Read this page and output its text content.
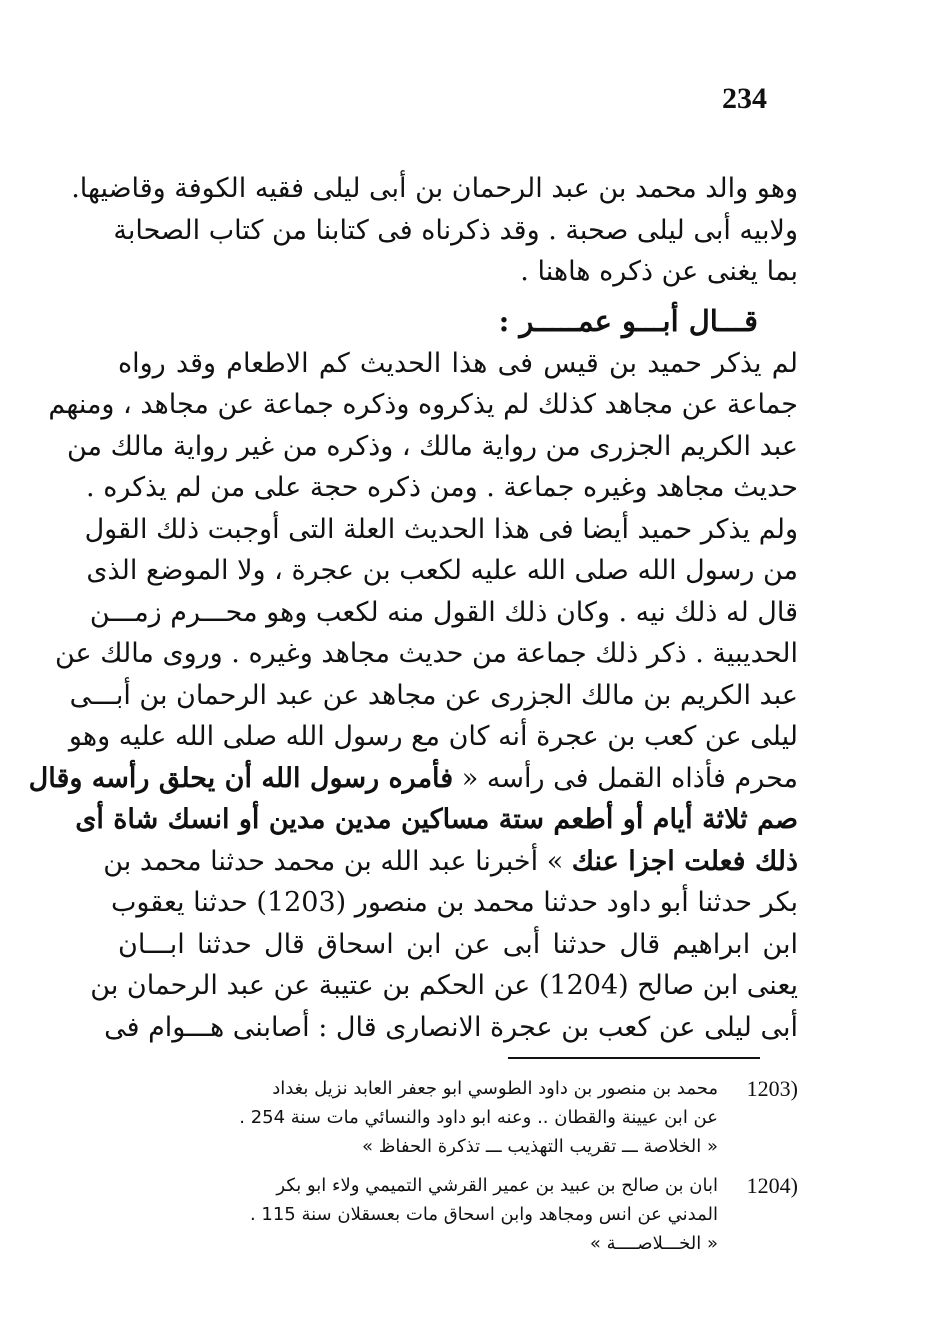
234
وهو والد محمد بن عبد الرحمان بن أبى ليلى فقيه الكوفة وقاضيها.
ولابيه أبى ليلى صحبة . وقد ذكرناه فى كتابنا من كتاب الصحابة
بما يغنى عن ذكره هاهنا .
قـــال أبـــو عمـــــر :
لم يذكر حميد بن قيس فى هذا الحديث كم الاطعام وقد رواه
جماعة عن مجاهد كذلك لم يذكروه وذكره جماعة عن مجاهد ، ومنهم
عبد الكريم الجزرى من رواية مالك ، وذكره من غير رواية مالك من
حديث مجاهد وغيره جماعة . ومن ذكره حجة على من لم يذكره .
ولم يذكر حميد أيضا فى هذا الحديث العلة التى أوجبت ذلك القول
من رسول الله صلى الله عليه لكعب بن عجرة ، ولا الموضع الذى
قال له ذلك نيه . وكان ذلك القول منه لكعب وهو محـــرم زمـــن
الحديبية . ذكر ذلك جماعة من حديث مجاهد وغيره . وروى مالك عن
عبد الكريم بن مالك الجزرى عن مجاهد عن عبد الرحمان بن أبـــى
ليلى عن كعب بن عجرة أنه كان مع رسول الله صلى الله عليه وهو
محرم فأذاه القمل فى رأسه « فأمره رسول الله أن يحلق رأسه وقال
صم ثلاثة أيام أو أطعم ستة مساكين مدين مدين أو انسك شاة أى
ذلك فعلت اجزا عنك » أخبرنا عبد الله بن محمد حدثنا محمد بن
بكر حدثنا أبو داود حدثنا محمد بن منصور (1203) حدثنا يعقوب
ابن ابراهيم قال حدثنا أبى عن ابن اسحاق قال حدثنا ابـــان
يعنى ابن صالح (1204) عن الحكم بن عتيبة عن عبد الرحمان بن
أبى ليلى عن كعب بن عجرة الانصارى قال : أصابنى هـــوام فى
1203)
محمد بن منصور بن داود الطوسي ابو جعفر العابد نزيل بغداد
عن ابن عيينة والقطان .. وعنه ابو داود والنسائي مات سنة 254 .
« الخلاصة ـــ تقريب التهذيب ـــ تذكرة الحفاظ »
1204)
ابان بن صالح بن عبيد بن عمير القرشي التميمي ولاء ابو بكر
المدني عن انس ومجاهد وابن اسحاق مات بعسقلان سنة 115 .
« الخـــلاصــــة »
